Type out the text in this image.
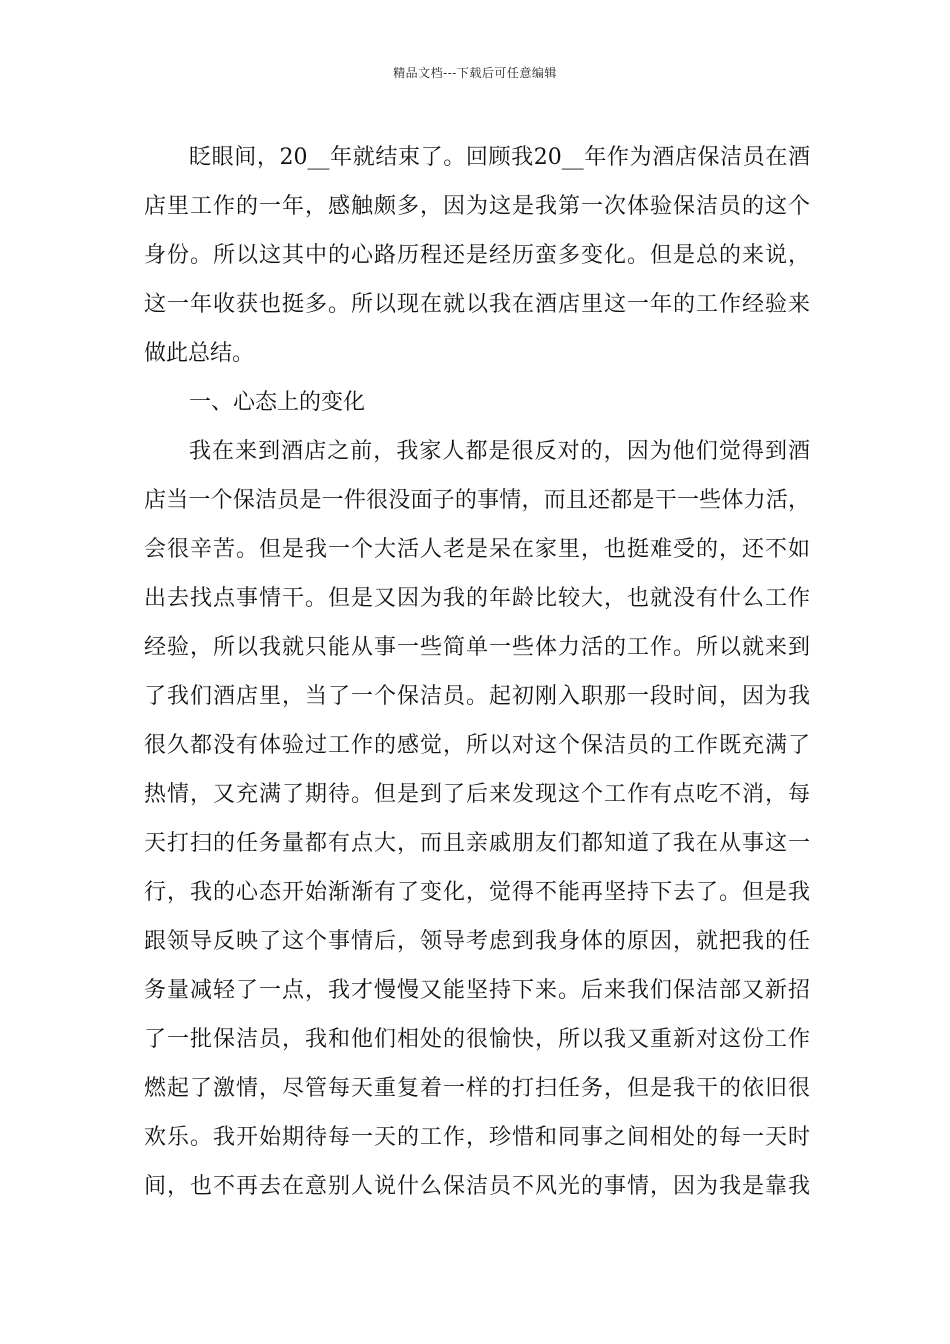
精品文档---下载后可任意编辑
眨眼间，20__年就结束了。回顾我20__年作为酒店保洁员在酒
店里工作的一年，感触颇多，因为这是我第一次体验保洁员的这个
身份。所以这其中的心路历程还是经历蛮多变化。但是总的来说，
这一年收获也挺多。所以现在就以我在酒店里这一年的工作经验来
做此总结。
一、心态上的变化
我在来到酒店之前，我家人都是很反对的，因为他们觉得到酒
店当一个保洁员是一件很没面子的事情，而且还都是干一些体力活，
会很辛苦。但是我一个大活人老是呆在家里，也挺难受的，还不如
出去找点事情干。但是又因为我的年龄比较大，也就没有什么工作
经验，所以我就只能从事一些简单一些体力活的工作。所以就来到
了我们酒店里，当了一个保洁员。起初刚入职那一段时间，因为我
很久都没有体验过工作的感觉，所以对这个保洁员的工作既充满了
热情，又充满了期待。但是到了后来发现这个工作有点吃不消，每
天打扫的任务量都有点大，而且亲戚朋友们都知道了我在从事这一
行，我的心态开始渐渐有了变化，觉得不能再坚持下去了。但是我
跟领导反映了这个事情后，领导考虑到我身体的原因，就把我的任
务量减轻了一点，我才慢慢又能坚持下来。后来我们保洁部又新招
了一批保洁员，我和他们相处的很愉快，所以我又重新对这份工作
燃起了激情，尽管每天重复着一样的打扫任务，但是我干的依旧很
欢乐。我开始期待每一天的工作，珍惜和同事之间相处的每一天时
间，也不再去在意别人说什么保洁员不风光的事情，因为我是靠我
